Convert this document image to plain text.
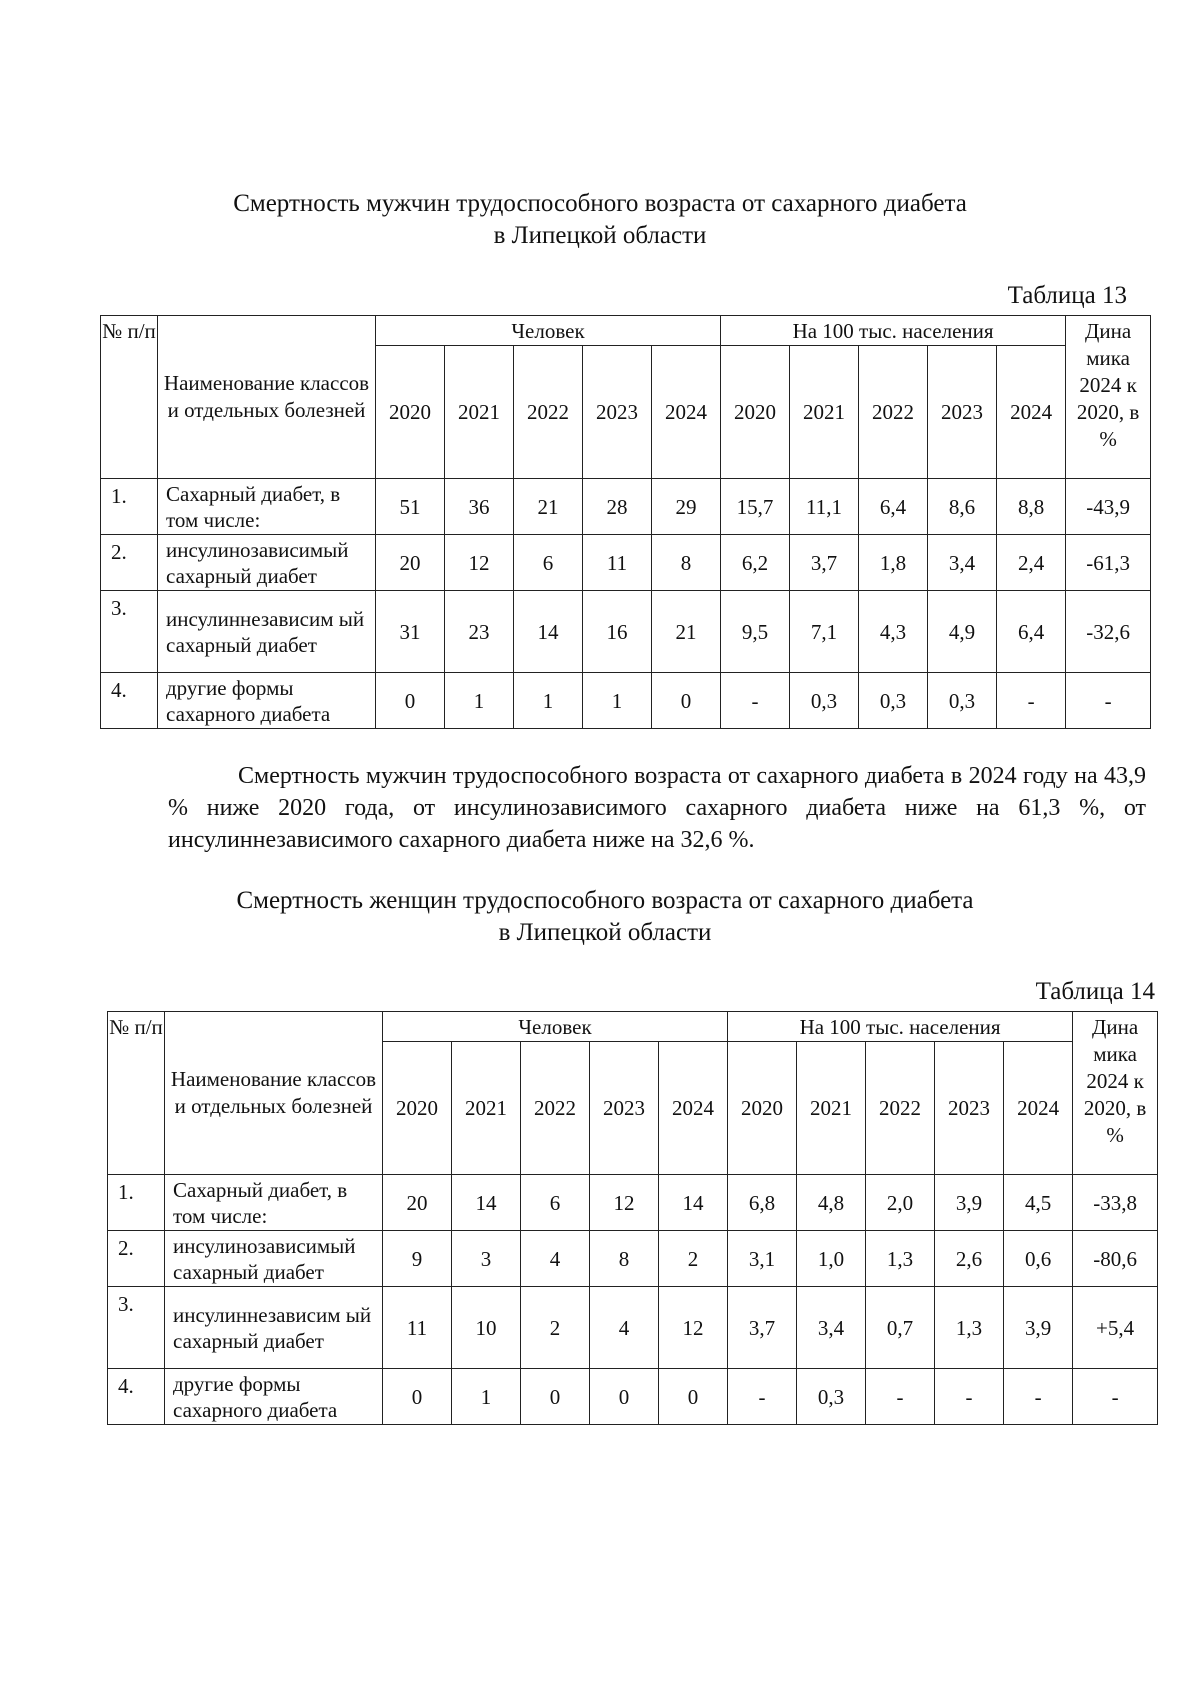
Смертность мужчин трудоспособного возраста от сахарного диабета
в Липецкой области
Таблица 13
№ п/п	Наименование классов и отдельных болезней	Человек					На 100 тыс. населения					Дина мика 2024 к 2020, в %
		2020	2021	2022	2023	2024	2020	2021	2022	2023	2024	
1.	Сахарный диабет, в том числе:	51	36	21	28	29	15,7	11,1	6,4	8,6	8,8	-43,9
2.	инсулинозависимый сахарный диабет	20	12	6	11	8	6,2	3,7	1,8	3,4	2,4	-61,3
3.	инсулиннезависим ый сахарный диабет	31	23	14	16	21	9,5	7,1	4,3	4,9	6,4	-32,6
4.	другие формы сахарного диабета	0	1	1	1	0	-	0,3	0,3	0,3	-	-
Смертность мужчин трудоспособного возраста от сахарного диабета в 2024 году на 43,9 % ниже 2020 года, от инсулинозависимого сахарного диабета ниже на 61,3 %, от инсулиннезависимого сахарного диабета ниже на 32,6 %.
Смертность женщин трудоспособного возраста от сахарного диабета
в Липецкой области
Таблица 14
№ п/п	Наименование классов и отдельных болезней	Человек					На 100 тыс. населения					Дина мика 2024 к 2020, в %
		2020	2021	2022	2023	2024	2020	2021	2022	2023	2024	
1.	Сахарный диабет, в том числе:	20	14	6	12	14	6,8	4,8	2,0	3,9	4,5	-33,8
2.	инсулинозависимый сахарный диабет	9	3	4	8	2	3,1	1,0	1,3	2,6	0,6	-80,6
3.	инсулиннезависим ый сахарный диабет	11	10	2	4	12	3,7	3,4	0,7	1,3	3,9	+5,4
4.	другие формы сахарного диабета	0	1	0	0	0	-	0,3	-	-	-	-
